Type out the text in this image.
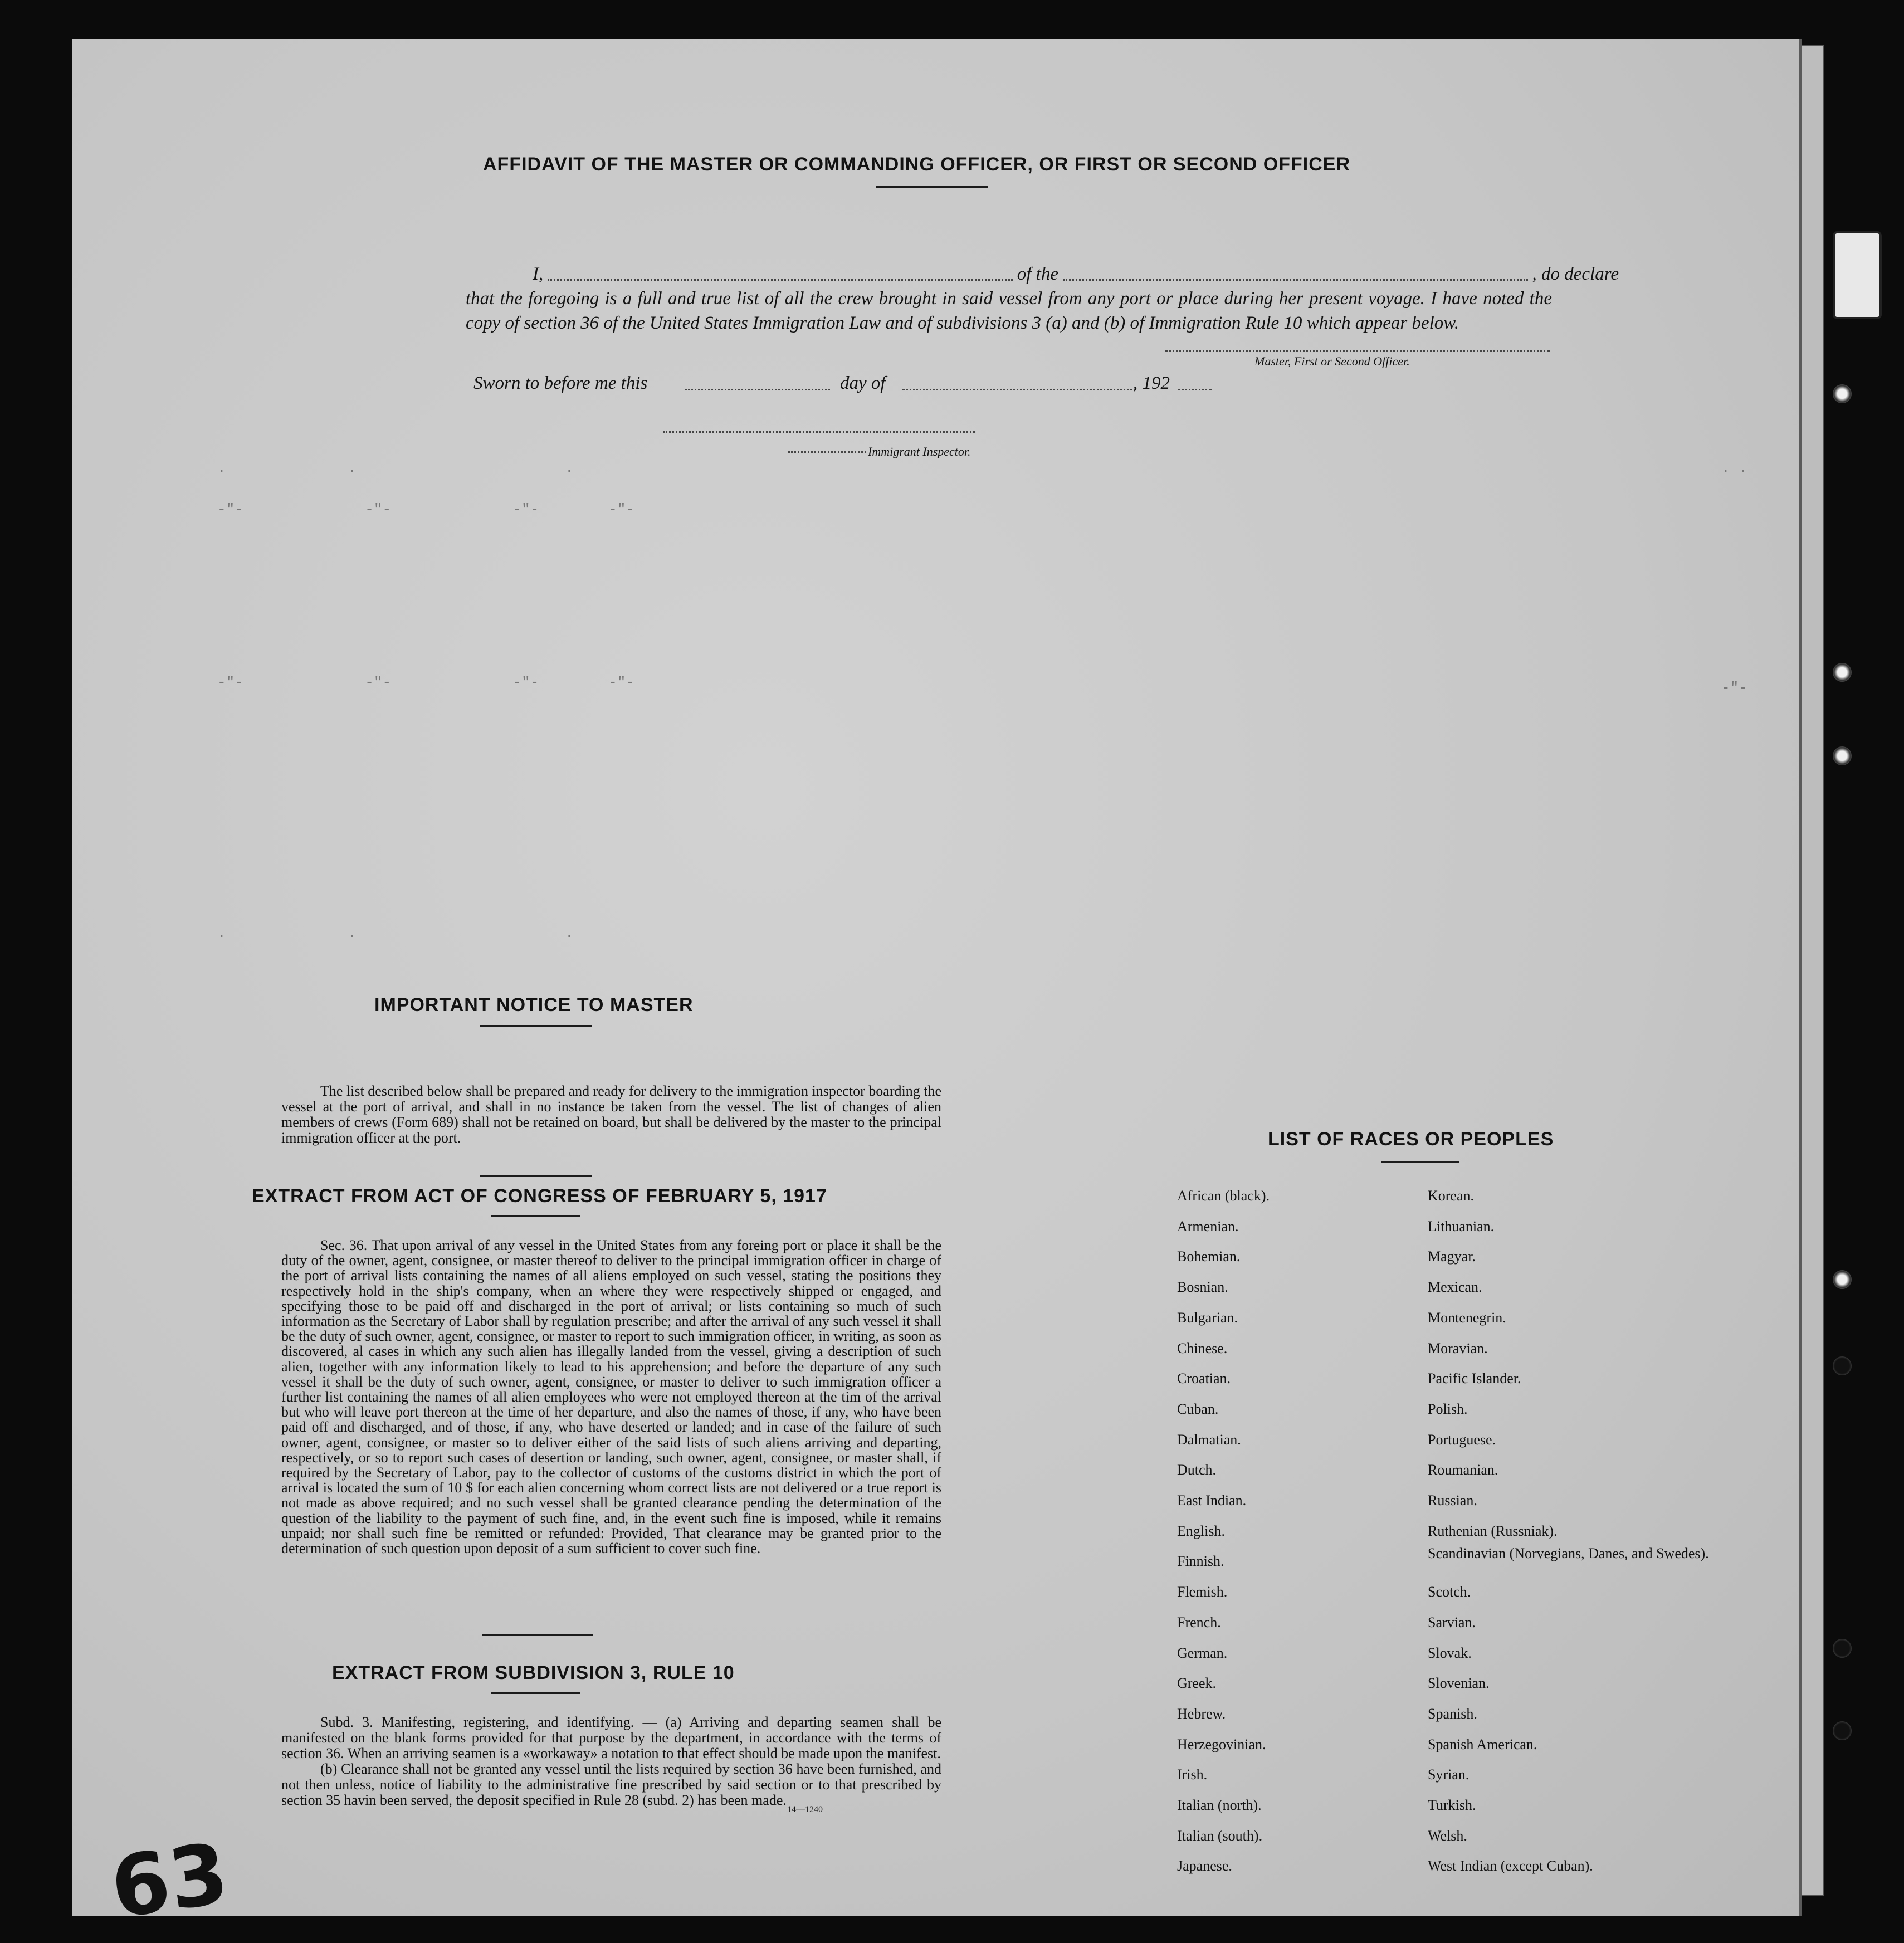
AFFIDAVIT OF THE MASTER OR COMMANDING OFFICER, OR FIRST OR SECOND OFFICER
I,	of the	, do declare
that the foregoing is a full and true list of all the crew brought in said vessel from any port or place during her present voyage. I have noted the copy of section 36 of the United States Immigration Law and of subdivisions 3 (a) and (b) of Immigration Rule 10 which appear below.
Master, First or Second Officer.
Sworn to before me this	day of	, 192
Immigrant Inspector.
.              .                        .
-"-              -"-              -"-        -"-
-"-              -"-              -"-        -"-
.              .                        .
. .
-"-
IMPORTANT NOTICE TO MASTER
The list described below shall be prepared and ready for delivery to the immigration inspector boarding the vessel at the port of arrival, and shall in no instance be taken from the vessel. The list of changes of alien members of crews (Form 689) shall not be retained on board, but shall be delivered by the master to the principal immigration officer at the port.
EXTRACT FROM ACT OF CONGRESS OF FEBRUARY 5, 1917
Sec. 36. That upon arrival of any vessel in the United States from any foreing port or place it shall be the duty of the owner, agent, consignee, or master thereof to deliver to the principal immigration officer in charge of the port of arrival lists containing the names of all aliens employed on such vessel, stating the positions they respectively hold in the ship's company, when an where they were respectively shipped or engaged, and specifying those to be paid off and discharged in the port of arrival; or lists containing so much of such information as the Secretary of Labor shall by regulation prescribe; and after the arrival of any such vessel it shall be the duty of such owner, agent, consignee, or master to report to such immigration officer, in writing, as soon as discovered, al cases in which any such alien has illegally landed from the vessel, giving a description of such alien, together with any information likely to lead to his apprehension; and before the departure of any such vessel it shall be the duty of such owner, agent, consignee, or master to deliver to such immigration officer a further list containing the names of all alien employees who were not employed thereon at the tim of the arrival but who will leave port thereon at the time of her departure, and also the names of those, if any, who have been paid off and discharged, and of those, if any, who have deserted or landed; and in case of the failure of such owner, agent, consignee, or master so to deliver either of the said lists of such aliens arriving and departing, respectively, or so to report such cases of desertion or landing, such owner, agent, consignee, or master shall, if required by the Secretary of Labor, pay to the collector of customs of the customs district in which the port of arrival is located the sum of 10 $ for each alien concerning whom correct lists are not delivered or a true report is not made as above required; and no such vessel shall be granted clearance pending the determination of the question of the liability to the payment of such fine, and, in the event such fine is imposed, while it remains unpaid; nor shall such fine be remitted or refunded: Provided, That clearance may be granted prior to the determination of such question upon deposit of a sum sufficient to cover such fine.
EXTRACT FROM SUBDIVISION 3, RULE 10

Subd. 3. Manifesting, registering, and identifying. — (a) Arriving and departing seamen shall be manifested on the blank forms provided for that purpose by the department, in accordance with the terms of section 36. When an arriving seamen is a «workaway» a notation to that effect should be made upon the manifest.

(b) Clearance shall not be granted any vessel until the lists required by section 36 have been furnished, and not then unless, notice of liability to the administrative fine prescribed by said section or to that prescribed by section 35 havin been served, the deposit specified in Rule 28 (subd. 2) has been made.

14—1240
LIST OF RACES OR PEOPLES
African (black).
Armenian.
Bohemian.
Bosnian.
Bulgarian.
Chinese.
Croatian.
Cuban.
Dalmatian.
Dutch.
East Indian.
English.
Finnish.
Flemish.
French.
German.
Greek.
Hebrew.
Herzegovinian.
Irish.
Italian (north).
Italian (south).
Japanese.
Korean.
Lithuanian.
Magyar.
Mexican.
Montenegrin.
Moravian.
Pacific Islander.
Polish.
Portuguese.
Roumanian.
Russian.
Ruthenian (Russniak).
Scandinavian (Norvegians, Danes, and Swedes).
Scotch.
Sarvian.
Slovak.
Slovenian.
Spanish.
Spanish American.
Syrian.
Turkish.
Welsh.
West Indian (except Cuban).
63
